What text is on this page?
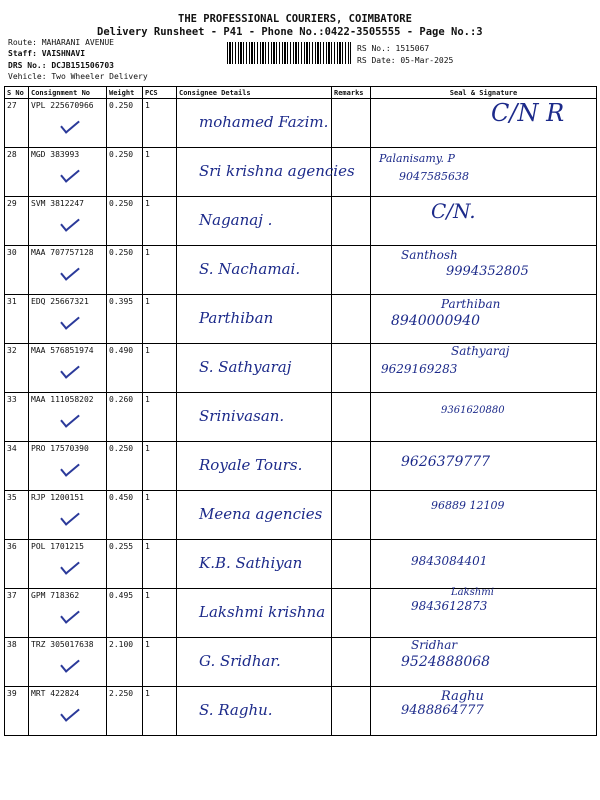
THE PROFESSIONAL COURIERS, COIMBATORE
Delivery Runsheet - P41 - Phone No.:0422-3505555 - Page No.:3
Route: MAHARANI AVENUE
Staff: VAISHNAVI
DRS No.: DCJB151506703
Vehicle: Two Wheeler Delivery
RS No.: 1515067
RS Date: 05-Mar-2025
S No	Consignment No	Weight	PCS	Consignee Details	Remarks	Seal & Signature
27	VPL 225670966	0.250	1	mohamed Fazim.		C/N R

28	MGD 383993	0.250	1	Sri krishna agencies		Palanisamy. P
9047585638

29	SVM 3812247	0.250	1	Naganaj .		C/N.

30	MAA 707757128	0.250	1	S. Nachamai.		Santhosh
9994352805

31	EDQ 25667321	0.395	1	Parthiban		Parthiban
8940000940

32	MAA 576851974	0.490	1	S. Sathyaraj		Sathyaraj
9629169283

33	MAA 111058202	0.260	1	Srinivasan.		9361620880

34	PRO 17570390	0.250	1	Royale Tours.		9626379777

35	RJP 1200151	0.450	1	Meena agencies		96889 12109

36	POL 1701215	0.255	1	K.B. Sathiyan		9843084401

37	GPM 718362	0.495	1	Lakshmi krishna		Lakshmi
9843612873

38	TRZ 305017638	2.100	1	G. Sridhar.		Sridhar
9524888068

39	MRT 422824	2.250	1	S. Raghu.		Raghu
9488864777
